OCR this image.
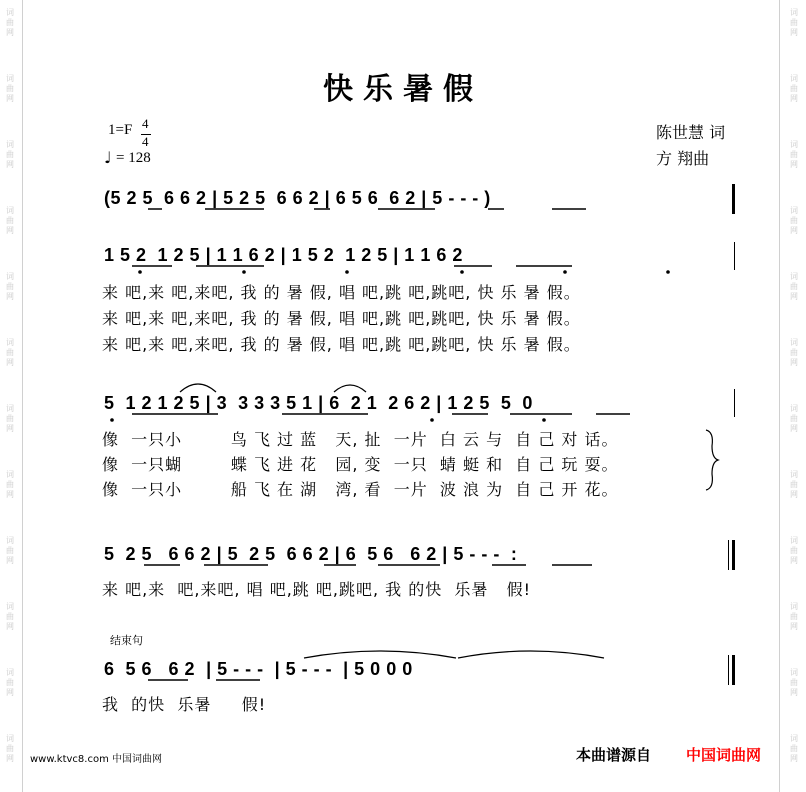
词
曲
网
词
曲
网
词
曲
网
词
曲
网
词
曲
网
词
曲
网
词
曲
网
词
曲
网
词
曲
网
词
曲
网
词
曲
网
词
曲
网
词
曲
网
词
曲
网
词
曲
网
词
曲
网
词
曲
网
词
曲
网
词
曲
网
词
曲
网
词
曲
网
词
曲
网
词
曲
网
词
曲
网
快乐暑假
1=F 4
4
♩ = 128
陈世慧 词
方 翔曲
(5 2 5  6 6 2 | 5 2 5  6 6 2 | 6 5 6  6 2 | 5 - - - )
1 5 2  1 2 5 | 1 1 6 2 | 1 5 2  1 2 5 | 1 1 6 2
来 吧,来 吧,来吧, 我 的 暑 假, 唱 吧,跳 吧,跳吧, 快 乐 暑 假。
来 吧,来 吧,来吧, 我 的 暑 假, 唱 吧,跳 吧,跳吧, 快 乐 暑 假。
来 吧,来 吧,来吧, 我 的 暑 假, 唱 吧,跳 吧,跳吧, 快 乐 暑 假。
5  1 2 1 2 5 | 3  3 3 3 5 1 | 6  2 1  2 6 2 | 1 2 5  5  0
像  一只小        鸟 飞 过 蓝   天, 扯  一片  白 云 与  自 己 对 话。
像  一只蝴        蝶 飞 进 花   园, 变  一只  蜻 蜓 和  自 己 玩 耍。
像  一只小        船 飞 在 湖   湾, 看  一片  波 浪 为  自 己 开 花。
5  2 5   6 6 2 | 5  2 5  6 6 2 | 6  5 6   6 2 | 5 - - -  :
来 吧,来  吧,来吧, 唱 吧,跳 吧,跳吧, 我 的快  乐暑   假!
结束句
6  5 6   6 2  | 5 - - -  | 5 - - -  | 5 0 0 0
我  的快  乐暑     假!
www.ktvc8.com 中国词曲网	本曲谱源自 中国词曲网
